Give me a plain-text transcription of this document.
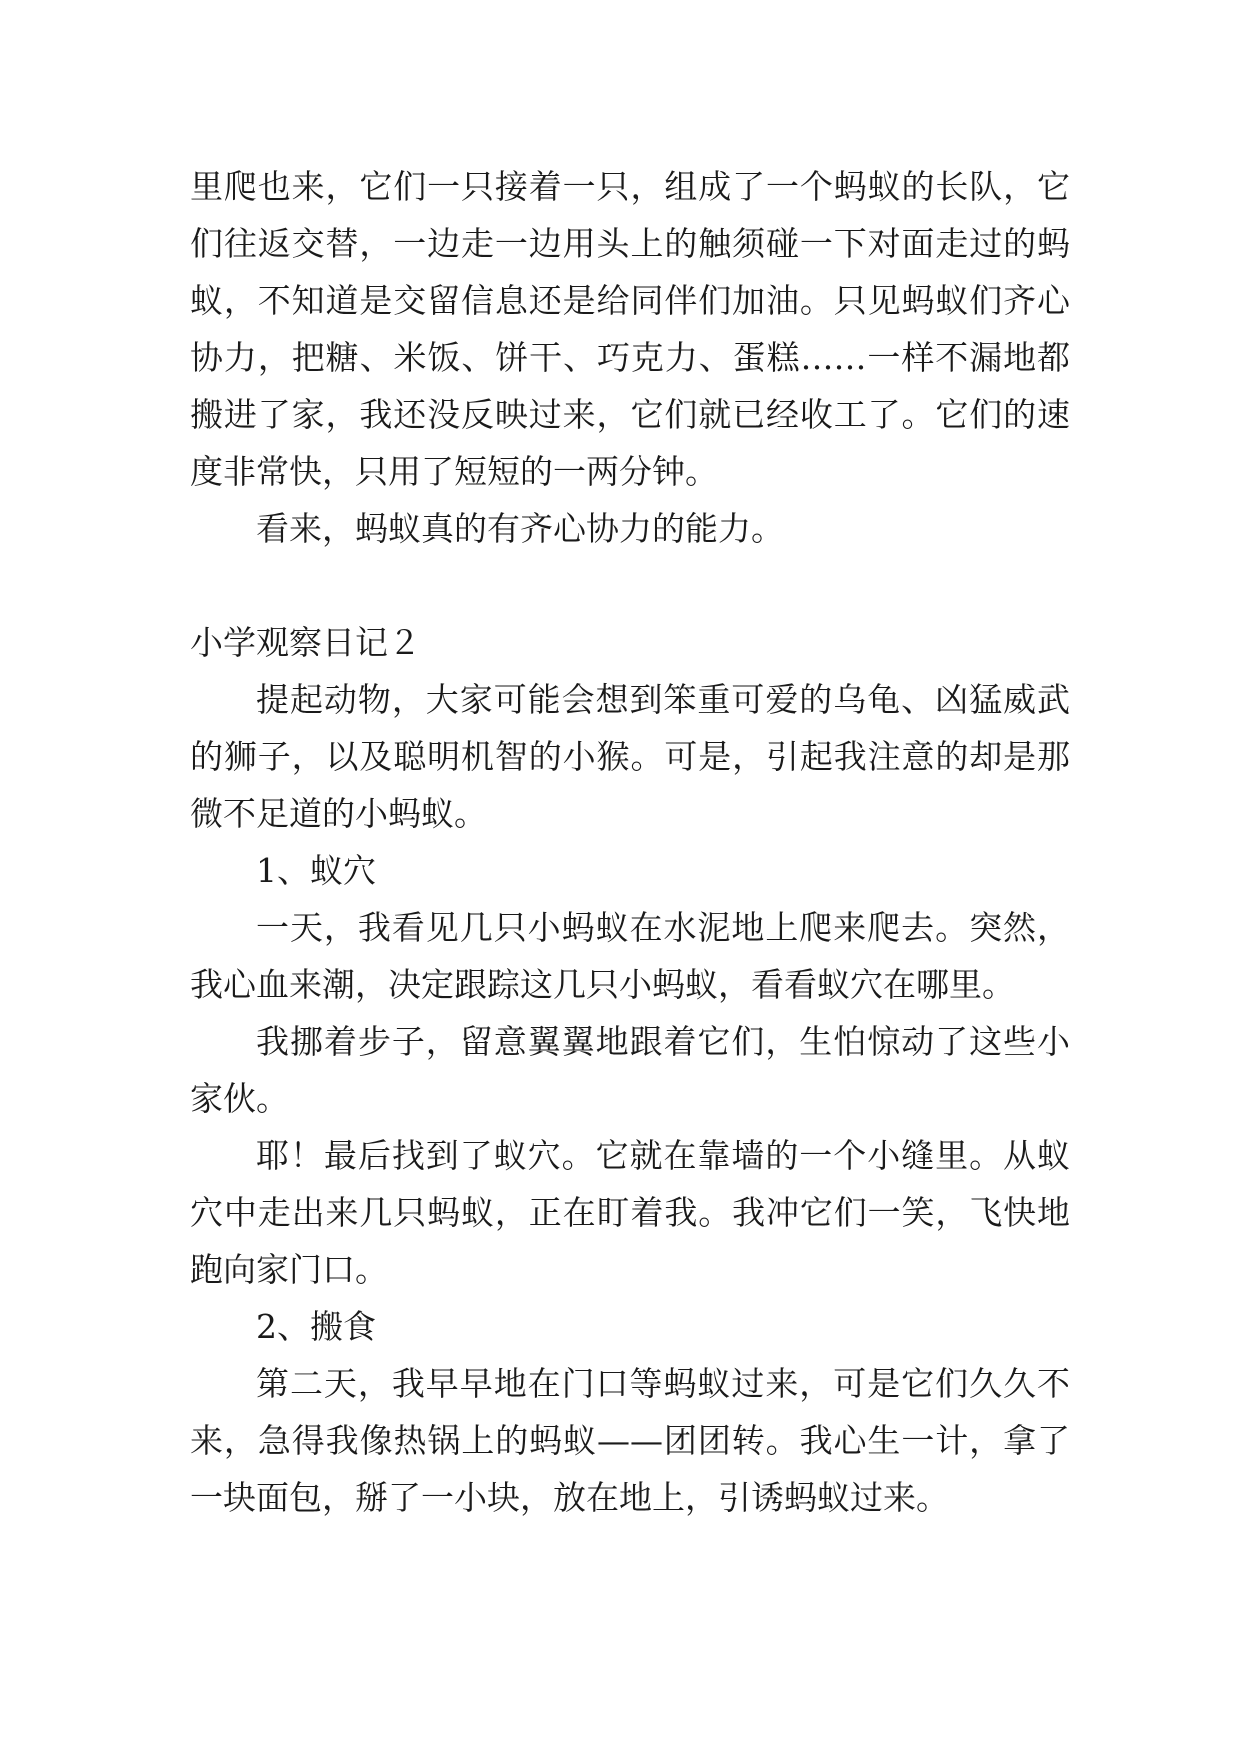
里爬也来，它们一只接着一只，组成了一个蚂蚁的长队，它
们往返交替，一边走一边用头上的触须碰一下对面走过的蚂
蚁，不知道是交留信息还是给同伴们加油。只见蚂蚁们齐心
协力，把糖、米饭、饼干、巧克力、蛋糕……一样不漏地都
搬进了家，我还没反映过来，它们就已经收工了。它们的速
度非常快，只用了短短的一两分钟。
看来，蚂蚁真的有齐心协力的能力。
小学观察日记２
提起动物，大家可能会想到笨重可爱的乌龟、凶猛威武
的狮子，以及聪明机智的小猴。可是，引起我注意的却是那
微不足道的小蚂蚁。
1、蚁穴
一天，我看见几只小蚂蚁在水泥地上爬来爬去。突然，
我心血来潮，决定跟踪这几只小蚂蚁，看看蚁穴在哪里。
我挪着步子，留意翼翼地跟着它们，生怕惊动了这些小
家伙。
耶！最后找到了蚁穴。它就在靠墙的一个小缝里。从蚁
穴中走出来几只蚂蚁，正在盯着我。我冲它们一笑，飞快地
跑向家门口。
2、搬食
第二天，我早早地在门口等蚂蚁过来，可是它们久久不
来，急得我像热锅上的蚂蚁——团团转。我心生一计，拿了
一块面包，掰了一小块，放在地上，引诱蚂蚁过来。
